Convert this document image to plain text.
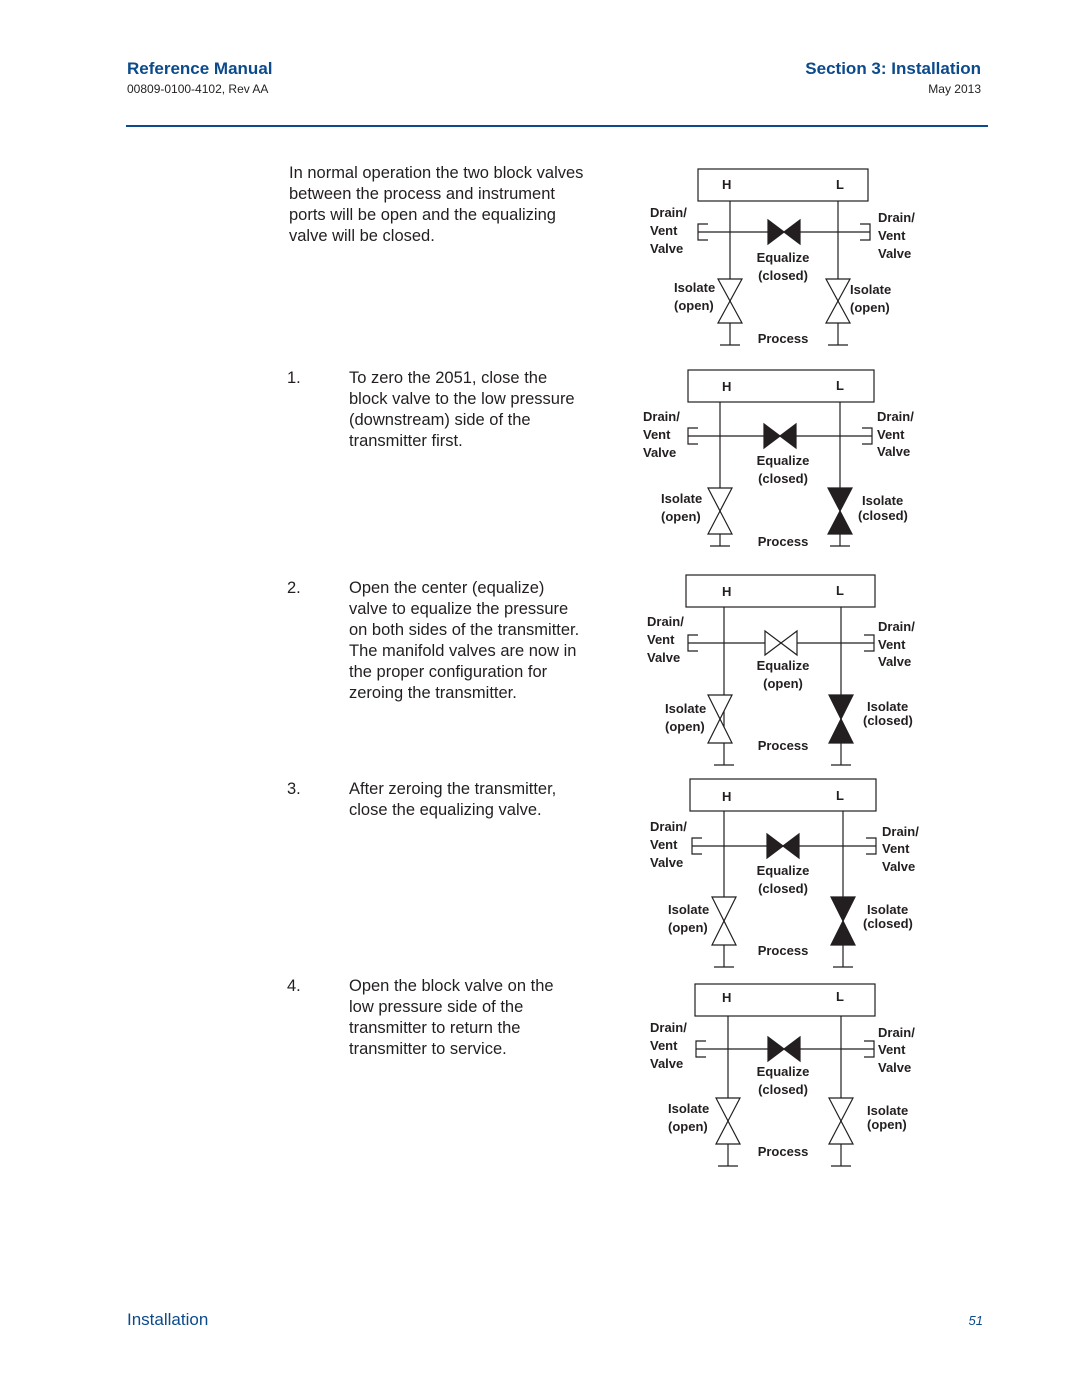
Reference Manual
00809-0100-4102, Rev AA
Section 3: Installation
May 2013
In normal operation the two block valves between the process and instrument ports will be open and the equalizing valve will be closed.
1.	To zero the 2051, close the block valve to the low pressure (downstream) side of the transmitter first.
2.	Open the center (equalize) valve to equalize the pressure on both sides of the transmitter. The manifold valves are now in the proper configuration for zeroing the transmitter.
3.	After zeroing the transmitter, close the equalizing valve.
4.	Open the block valve on the low pressure side of the transmitter to return the transmitter to service.
H	L
Drain/
Vent
Valve
Drain/
Vent
Valve
Equalize
(closed)
Isolate
(open)
Isolate
(open)
Process
H	L
Drain/
Vent
Valve
Drain/
Vent
Valve
Equalize
(closed)
Isolate
(open)
Isolate
(closed)
Process
H	L
Drain/
Vent
Valve
Drain/
Vent
Valve
Equalize
(open)
Isolate
(open)
Isolate
(closed)
Process
H	L
Drain/
Vent
Valve
Drain/
Vent
Valve
Equalize
(closed)
Isolate
(open)
Isolate
(closed)
Process
H	L
Drain/
Vent
Valve
Drain/
Vent
Valve
Equalize
(closed)
Isolate
(open)
Isolate
(open)
Process
Installation	51
